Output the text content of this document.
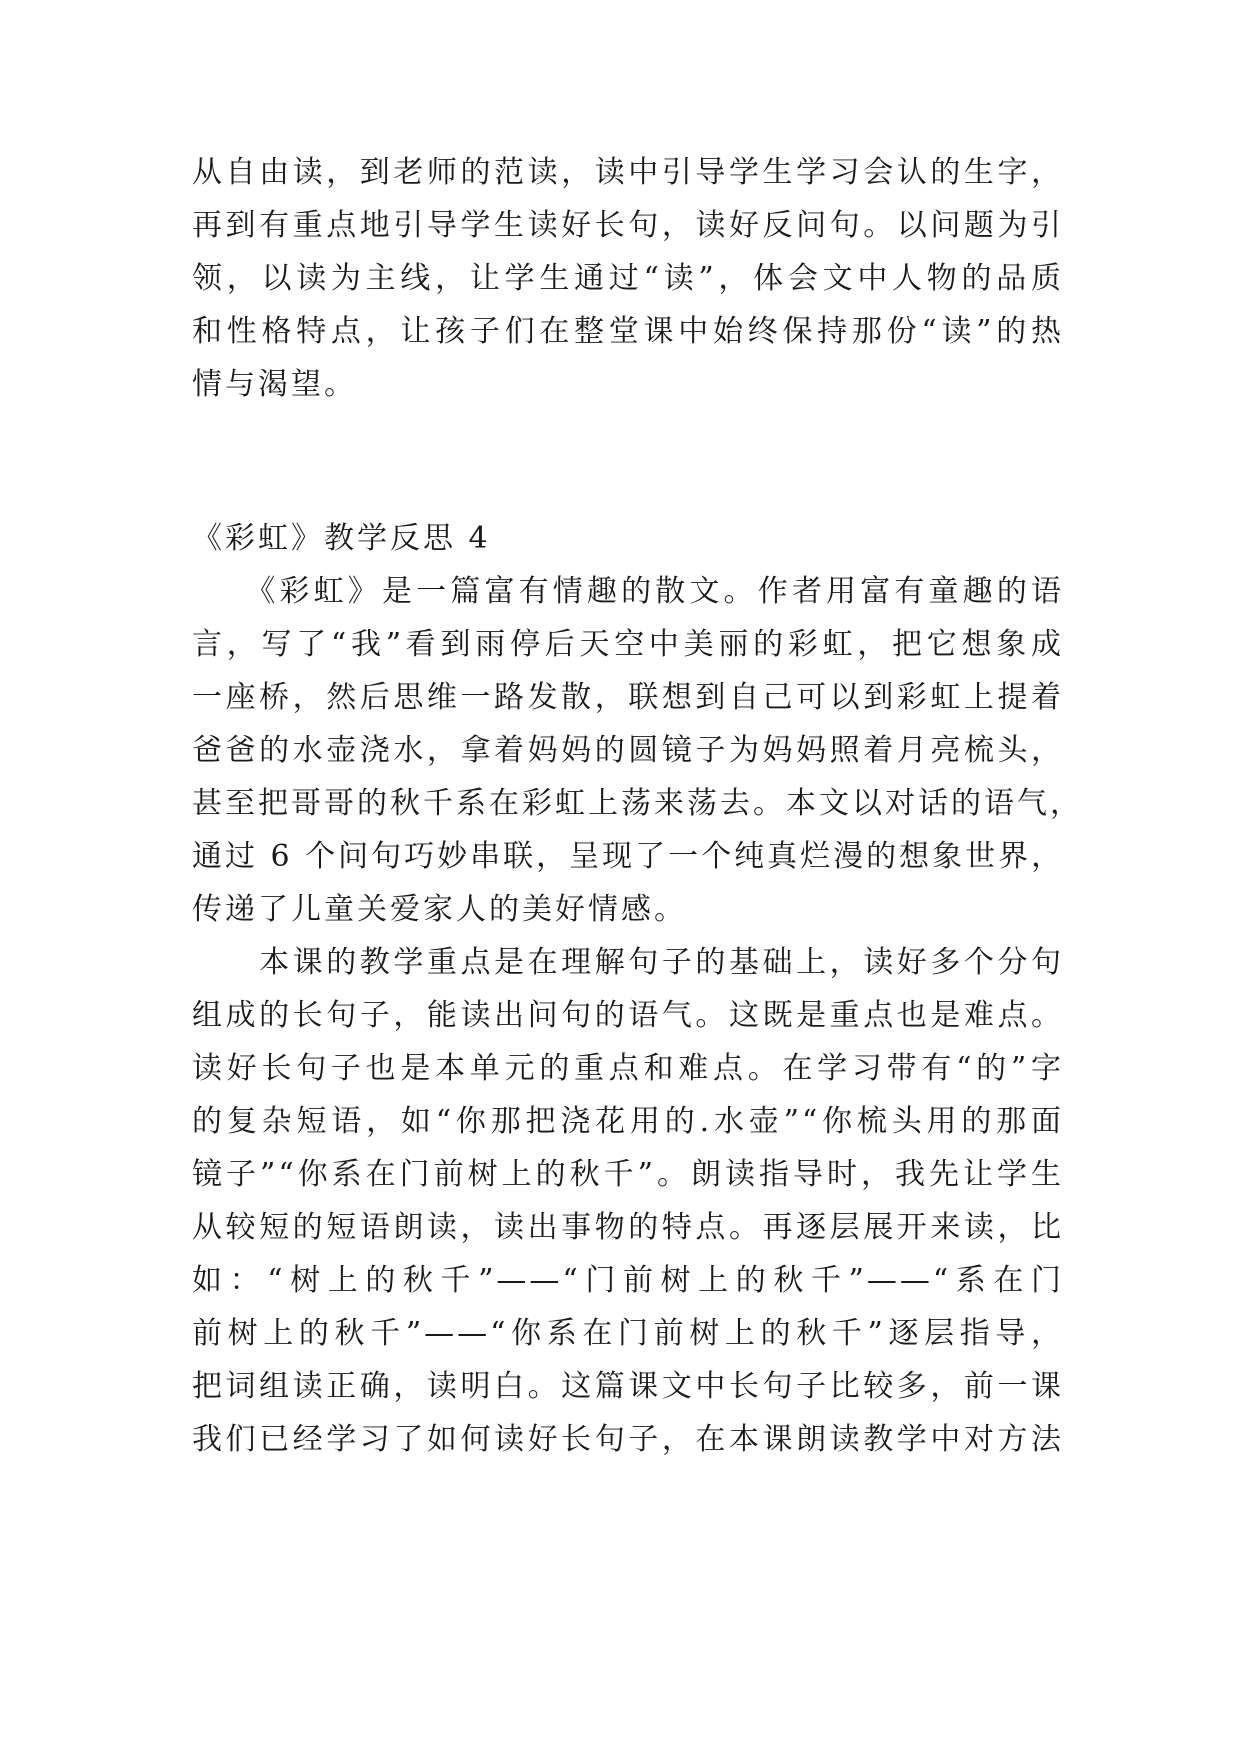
从自由读，到老师的范读，读中引导学生学习会认的生字，
再到有重点地引导学生读好长句，读好反问句。以问题为引
领，以读为主线，让学生通过“读”，体会文中人物的品质
和性格特点，让孩子们在整堂课中始终保持那份“读”的热
情与渴望。
《彩虹》教学反思 4
　　《彩虹》是一篇富有情趣的散文。作者用富有童趣的语
言，写了“我”看到雨停后天空中美丽的彩虹，把它想象成
一座桥，然后思维一路发散，联想到自己可以到彩虹上提着
爸爸的水壶浇水，拿着妈妈的圆镜子为妈妈照着月亮梳头，
甚至把哥哥的秋千系在彩虹上荡来荡去。本文以对话的语气，
通过 6 个问句巧妙串联，呈现了一个纯真烂漫的想象世界，
传递了儿童关爱家人的美好情感。
　　本课的教学重点是在理解句子的基础上，读好多个分句
组成的长句子，能读出问句的语气。这既是重点也是难点。
读好长句子也是本单元的重点和难点。在学习带有“的”字
的复杂短语，如“你那把浇花用的.水壶”“你梳头用的那面
镜子”“你系在门前树上的秋千”。朗读指导时，我先让学生
从较短的短语朗读，读出事物的特点。再逐层展开来读，比
如：“树上的秋千”——“门前树上的秋千”——“系在门
前树上的秋千”——“你系在门前树上的秋千”逐层指导，
把词组读正确，读明白。这篇课文中长句子比较多，前一课
我们已经学习了如何读好长句子，在本课朗读教学中对方法
